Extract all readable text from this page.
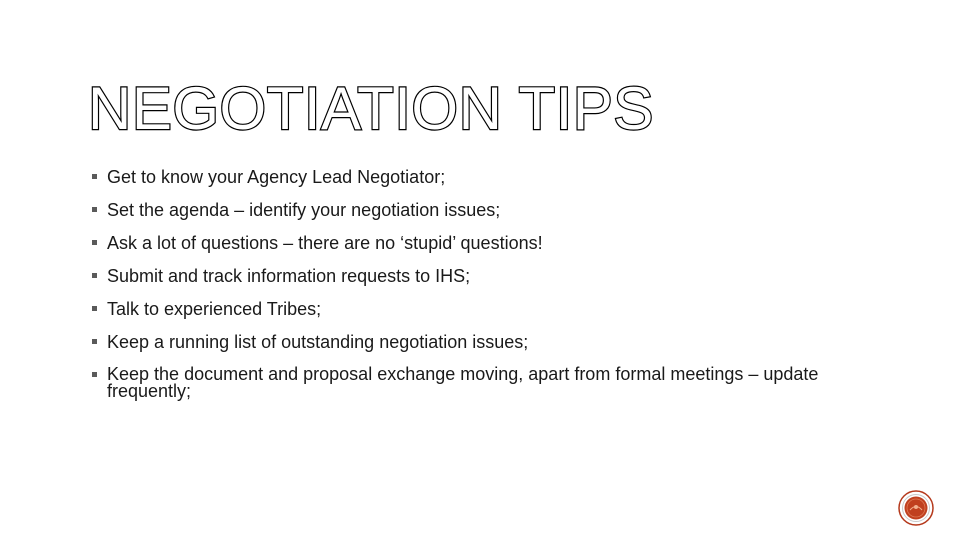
NEGOTIATION TIPS
Get to know your Agency Lead Negotiator;
Set the agenda – identify your negotiation issues;
Ask a lot of questions – there are no ‘stupid’ questions!
Submit and track information requests to IHS;
Talk to experienced Tribes;
Keep a running list of outstanding negotiation issues;
Keep the document and proposal exchange moving, apart from formal meetings – update frequently;
